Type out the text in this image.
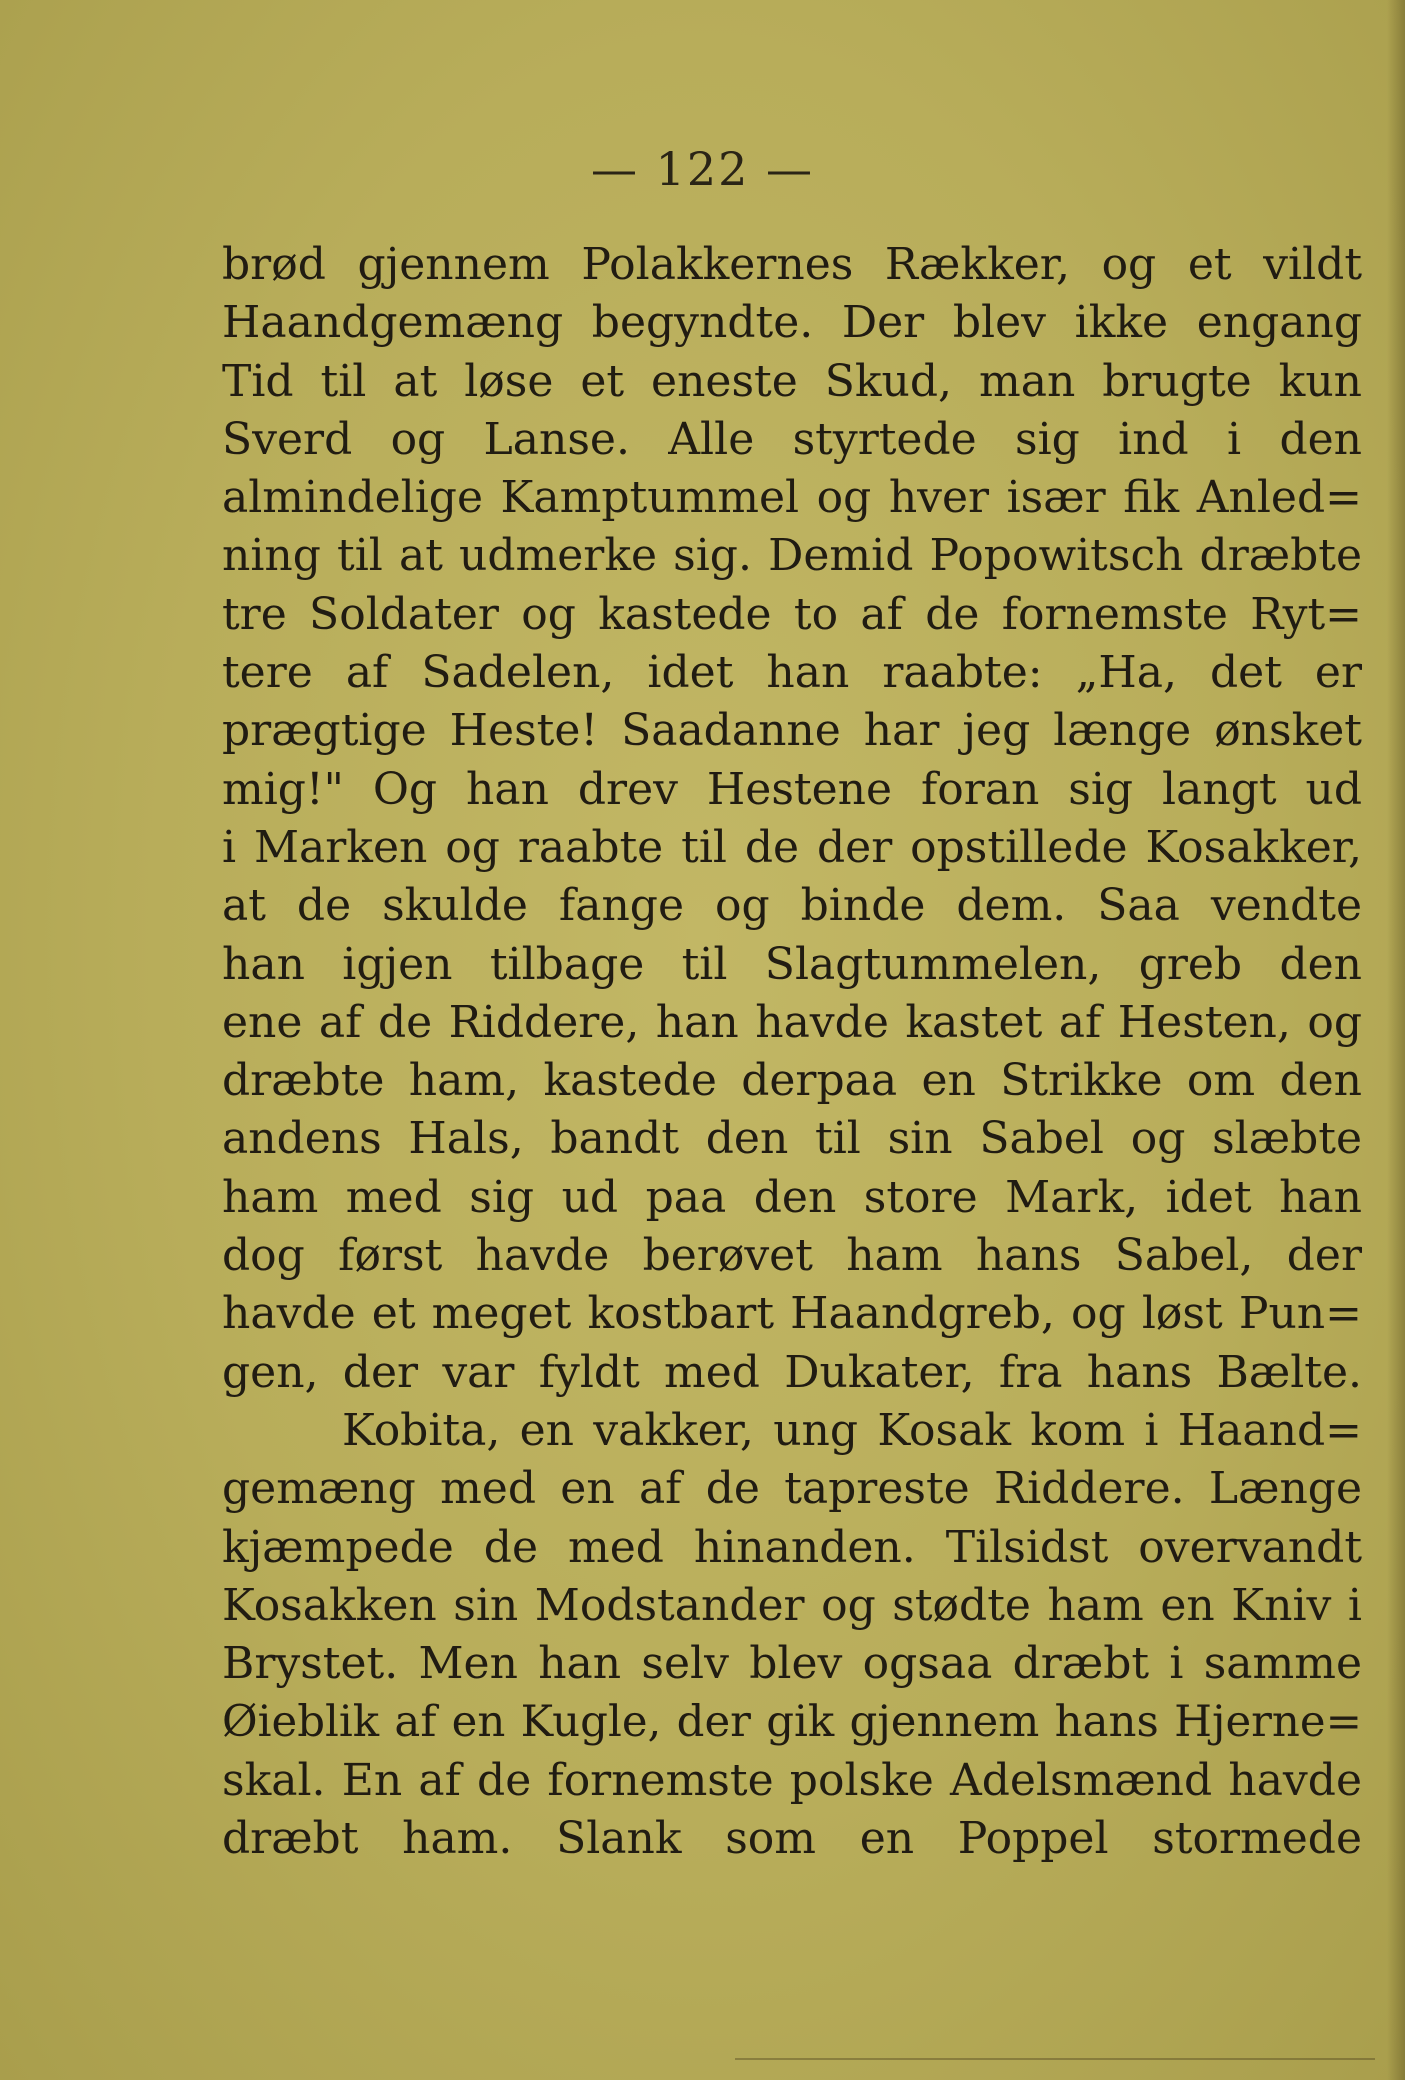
— 122 —
brød gjennem Polakkernes Rækker, og et vildt
Haandgemæng begyndte. Der blev ikke engang
Tid til at løse et eneste Skud, man brugte kun
Sverd og Lanse. Alle styrtede sig ind i den
almindelige Kamptummel og hver især fik Anled=
ning til at udmerke sig. Demid Popowitsch dræbte
tre Soldater og kastede to af de fornemste Ryt=
tere af Sadelen, idet han raabte: „Ha, det er
prægtige Heste! Saadanne har jeg længe ønsket
mig!" Og han drev Hestene foran sig langt ud
i Marken og raabte til de der opstillede Kosakker,
at de skulde fange og binde dem. Saa vendte
han igjen tilbage til Slagtummelen, greb den
ene af de Riddere, han havde kastet af Hesten, og
dræbte ham, kastede derpaa en Strikke om den
andens Hals, bandt den til sin Sabel og slæbte
ham med sig ud paa den store Mark, idet han
dog først havde berøvet ham hans Sabel, der
havde et meget kostbart Haandgreb, og løst Pun=
gen, der var fyldt med Dukater, fra hans Bælte.
Kobita, en vakker, ung Kosak kom i Haand=
gemæng med en af de tapreste Riddere. Længe
kjæmpede de med hinanden. Tilsidst overvandt
Kosakken sin Modstander og stødte ham en Kniv i
Brystet. Men han selv blev ogsaa dræbt i samme
Øieblik af en Kugle, der gik gjennem hans Hjerne=
skal. En af de fornemste polske Adelsmænd havde
dræbt ham. Slank som en Poppel stormede
